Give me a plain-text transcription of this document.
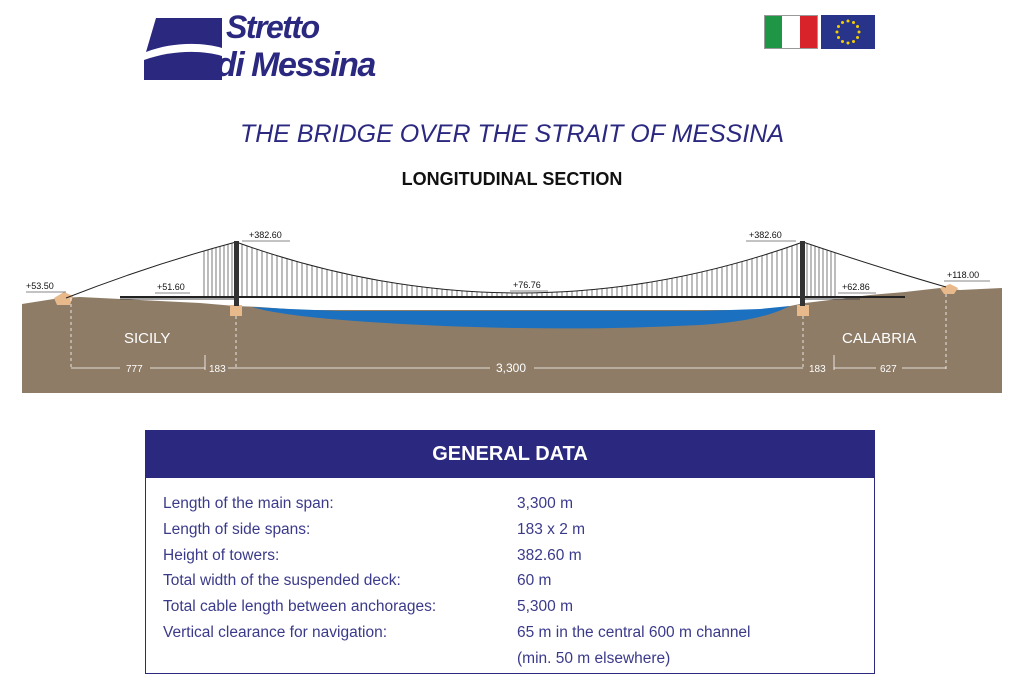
Stretto
di Messina
THE BRIDGE OVER THE STRAIT OF MESSINA
LONGITUDINAL SECTION
+53.50	+51.60
+382.60
+76.76
+382.60
+62.86
+118.00
SICILY	CALABRIA
777	183	3,300	183	627
GENERAL DATA
Length of the main span:	3,300 m
Length of side spans:	183 x 2 m
Height of towers:	382.60 m
Total width of the suspended deck:	60 m
Total cable length between anchorages:	5,300 m
Vertical clearance for navigation:	65 m in the central 600 m channel
(min. 50 m elsewhere)
